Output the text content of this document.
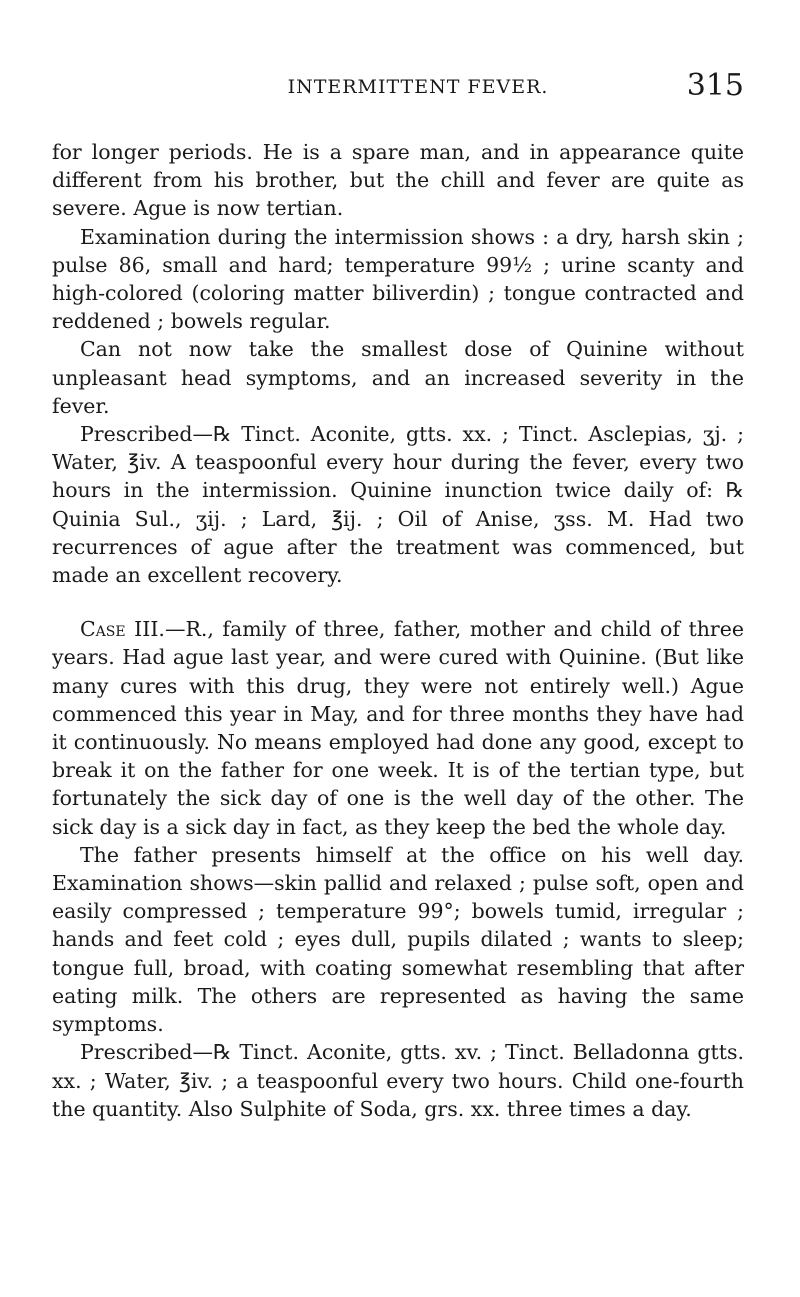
INTERMITTENT FEVER.	315

for longer periods. He is a spare man, and in appearance quite different from his brother, but the chill and fever are quite as severe. Ague is now tertian.

Examination during the intermission shows : a dry, harsh skin ; pulse 86, small and hard; temperature 99½ ; urine scanty and high-colored (coloring matter biliverdin) ; tongue contracted and reddened ; bowels regular.

Can not now take the smallest dose of Quinine without unpleasant head symptoms, and an increased severity in the fever.

Prescribed—℞ Tinct. Aconite, gtts. xx. ; Tinct. Asclepias, ʒj. ; Water, ℥iv. A teaspoonful every hour during the fever, every two hours in the intermission. Quinine inunction twice daily of: ℞ Quinia Sul., ʒij. ; Lard, ℥ij. ; Oil of Anise, ʒss. M. Had two recurrences of ague after the treatment was commenced, but made an excellent recovery.

Case III.—R., family of three, father, mother and child of three years. Had ague last year, and were cured with Quinine. (But like many cures with this drug, they were not entirely well.) Ague commenced this year in May, and for three months they have had it continuously. No means employed had done any good, except to break it on the father for one week. It is of the tertian type, but fortunately the sick day of one is the well day of the other. The sick day is a sick day in fact, as they keep the bed the whole day.

The father presents himself at the office on his well day. Examination shows—skin pallid and relaxed ; pulse soft, open and easily compressed ; temperature 99°; bowels tumid, irregular ; hands and feet cold ; eyes dull, pupils dilated ; wants to sleep; tongue full, broad, with coating somewhat resembling that after eating milk. The others are represented as having the same symptoms.

Prescribed—℞ Tinct. Aconite, gtts. xv. ; Tinct. Belladonna gtts. xx. ; Water, ℥iv. ; a teaspoonful every two hours. Child one-fourth the quantity. Also Sulphite of Soda, grs. xx. three times a day.
